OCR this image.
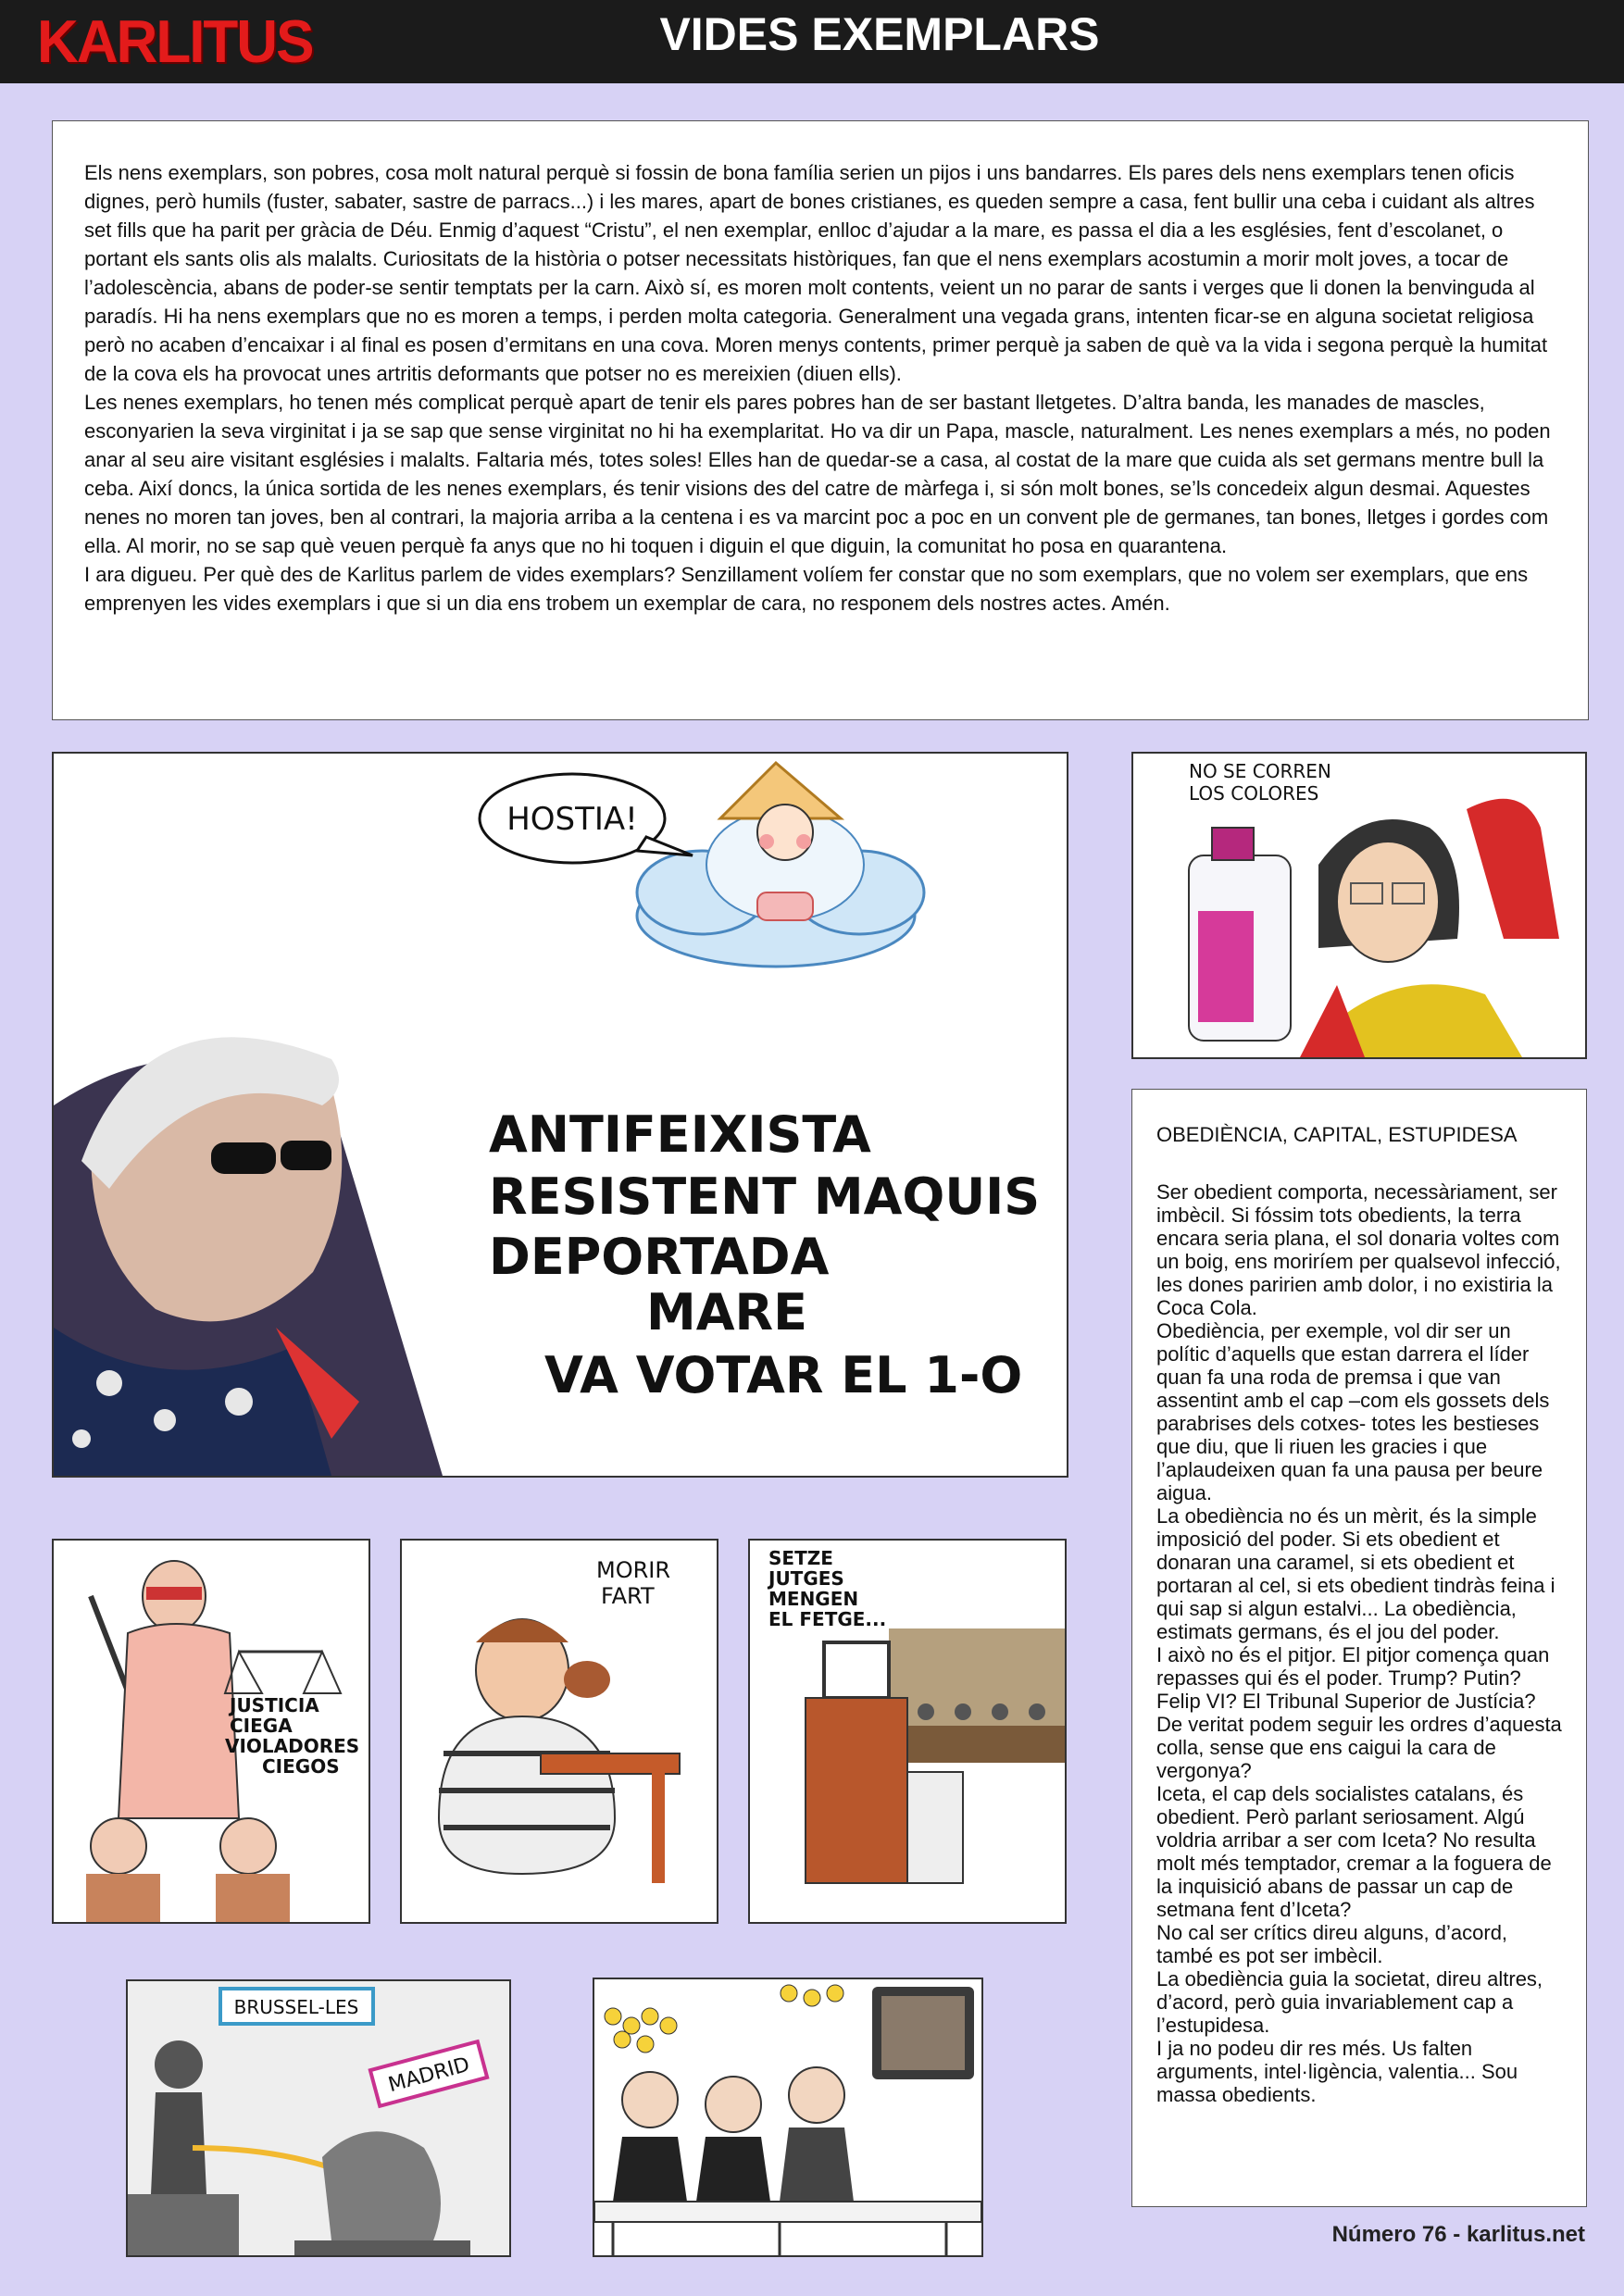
KARLITUS	VIDES EXEMPLARS

Els nens exemplars, son pobres, cosa molt natural perquè si fossin de bona família serien un pijos i uns bandarres. Els pares dels nens exemplars tenen oficis dignes, però humils (fuster, sabater, sastre de parracs...) i les mares, apart de bones cristianes, es queden sempre a casa, fent bullir una ceba i cuidant als altres set fills que ha parit per gràcia de Déu. Enmig d’aquest “Cristu”, el nen exemplar, enlloc d’ajudar a la mare, es passa el dia a les esglésies, fent d’escolanet, o portant els sants olis als malalts. Curiositats de la història o potser necessitats històriques, fan que el nens exemplars acostumin a morir molt joves, a tocar de l’adolescència, abans de poder-se sentir temptats per la carn. Això sí, es moren molt contents, veient un no parar de sants i verges que li donen la benvinguda al paradís. Hi ha nens exemplars que no es moren a temps, i perden molta categoria. Generalment una vegada grans, intenten ficar-se en alguna societat religiosa però no acaben d’encaixar i al final es posen d’ermitans en una cova. Moren menys contents, primer perquè ja saben de què va la vida i segona perquè la humitat de la cova els ha provocat unes artritis deformants que potser no es mereixien (diuen ells).

Les nenes exemplars, ho tenen més complicat perquè apart de tenir els pares pobres han de ser bastant lletgetes. D’altra banda, les manades de mascles, esconyarien la seva virginitat i ja se sap que sense virginitat no hi ha exemplaritat. Ho va dir un Papa, mascle, naturalment. Les nenes exemplars a més, no poden anar al seu aire visitant esglésies i malalts. Faltaria més, totes soles! Elles han de quedar-se a casa, al costat de la mare que cuida als set germans mentre bull la ceba. Així doncs, la única sortida de les nenes exemplars, és tenir visions des del catre de màrfega i, si són molt bones, se’ls concedeix algun desmai. Aquestes nenes no moren tan joves, ben al contrari, la majoria arriba a la centena i es va marcint poc a poc en un convent ple de germanes, tan bones, lletges i gordes com ella. Al morir, no se sap què veuen perquè fa anys que no hi toquen i diguin el que diguin, la comunitat ho posa en quarantena.

I ara digueu. Per què des de Karlitus parlem de vides exemplars? Senzillament volíem fer constar que no som exemplars, que no volem ser exemplars, que ens emprenyen les vides exemplars i que si un dia ens trobem un exemplar de cara, no responem dels nostres actes. Amén.

HOSTIA!
ANTIFEIXISTA
RESISTENT MAQUIS
DEPORTADA
MARE
VA VOTAR EL 1-O
NO SE CORREN
LOS COLORES
JUSTICIA
CIEGA
VIOLADORES
CIEGOS
MORIR
FART
SETZE
JUTGES
MENGEN
EL FETGE...
BRUSSEL-LES
MADRID
OBEDIÈNCIA, CAPITAL, ESTUPIDESA

Ser obedient comporta, necessàriament, ser imbècil. Si fóssim tots obedients, la terra encara seria plana, el sol donaria voltes com un boig, ens moriríem per qualsevol infecció, les dones paririen amb dolor, i no existiria la Coca Cola.

Obediència, per exemple, vol dir ser un polític d’aquells que estan darrera el líder quan fa una roda de premsa i que van assentint amb el cap –com els gossets dels parabrises dels cotxes- totes les bestieses que diu, que li riuen les gracies i que l’aplaudeixen quan fa una pausa per beure aigua.

La obediència no és un mèrit, és la simple imposició del poder. Si ets obedient et donaran una caramel, si ets obedient et portaran al cel, si ets obedient tindràs feina i qui sap si algun estalvi... La obediència, estimats germans, és el jou del poder.

I això no és el pitjor. El pitjor comença quan repasses qui és el poder. Trump? Putin? Felip VI? El Tribunal Superior de Justícia? De veritat podem seguir les ordres d’aquesta colla, sense que ens caigui la cara de vergonya?

Iceta, el cap dels socialistes catalans, és obedient. Però parlant seriosament. Algú voldria arribar a ser com Iceta? No resulta molt més temptador, cremar a la foguera de la inquisició abans de passar un cap de setmana fent d’Iceta?

No cal ser crítics direu alguns, d’acord, també es pot ser imbècil.

La obediència guia la societat, direu altres, d’acord, però guia invariablement cap a l’estupidesa.

I ja no podeu dir res més. Us falten arguments, intel·ligència, valentia... Sou massa obedients.

Número 76 - karlitus.net
